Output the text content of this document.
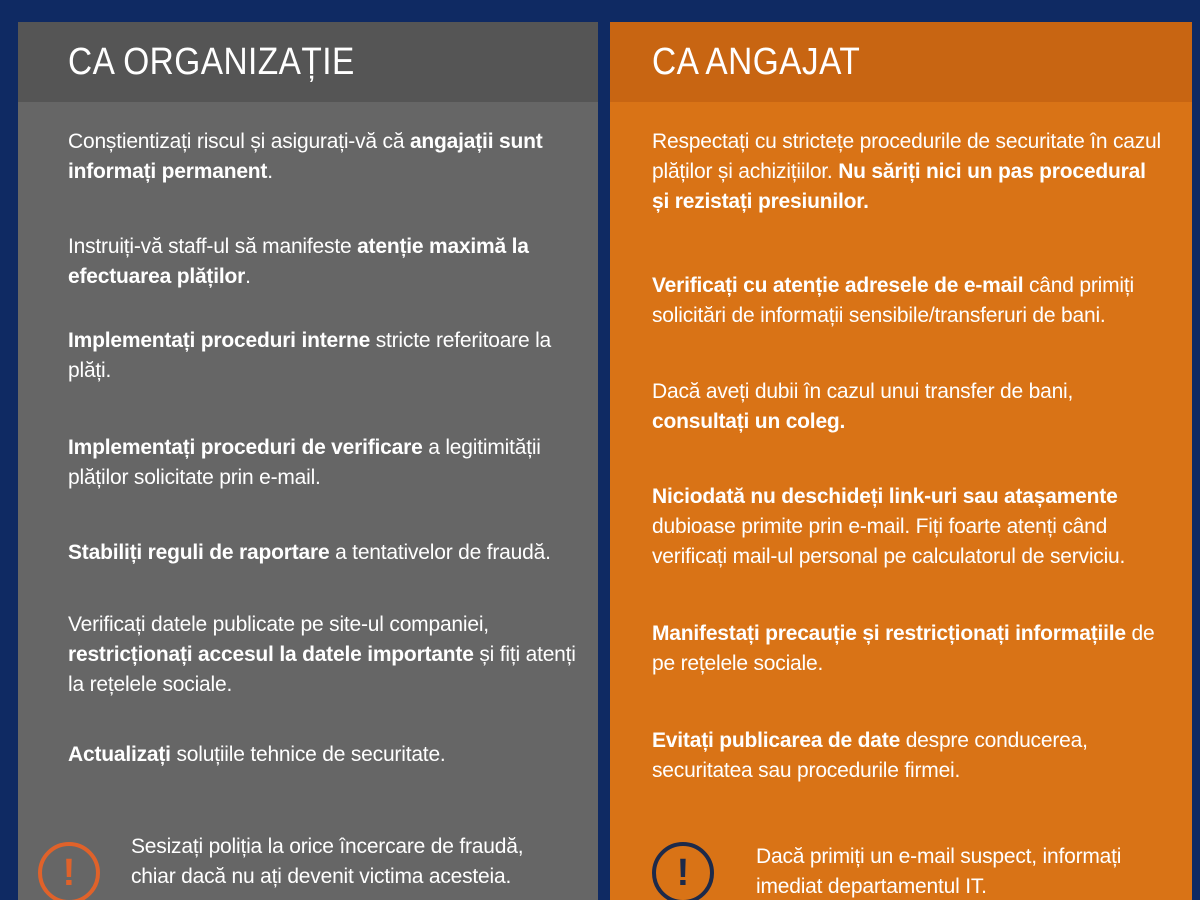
CA ORGANIZAȚIE

Conștientizați riscul și asigurați-vă că angajații sunt informați permanent.

Instruiți-vă staff-ul să manifeste atenție maximă la efectuarea plăților.

Implementați proceduri interne stricte referitoare la plăți.

Implementați proceduri de verificare a legitimității plăților solicitate prin e-mail.

Stabiliți reguli de raportare a tentativelor de fraudă.

Verificați datele publicate pe site-ul companiei, restricționați accesul la datele importante și fiți atenți la rețelele sociale.

Actualizați soluțiile tehnice de securitate.

!

Sesizați poliția la orice încercare de fraudă, chiar dacă nu ați devenit victima acesteia.

CA ANGAJAT

Respectați cu strictețe procedurile de securitate în cazul plăților și achizițiilor. Nu săriți nici un pas procedural și rezistați presiunilor.

Verificați cu atenție adresele de e-mail când primiți solicitări de informații sensibile/transferuri de bani.

Dacă aveți dubii în cazul unui transfer de bani, consultați un coleg.

Niciodată nu deschideți link-uri sau atașamente dubioase primite prin e-mail. Fiți foarte atenți când verificați mail-ul personal pe calculatorul de serviciu.

Manifestați precauție și restricționați informațiile de pe rețelele sociale.

Evitați publicarea de date despre conducerea, securitatea sau procedurile firmei.

!	Dacă primiți un e-mail suspect, informați imediat departamentul IT.
